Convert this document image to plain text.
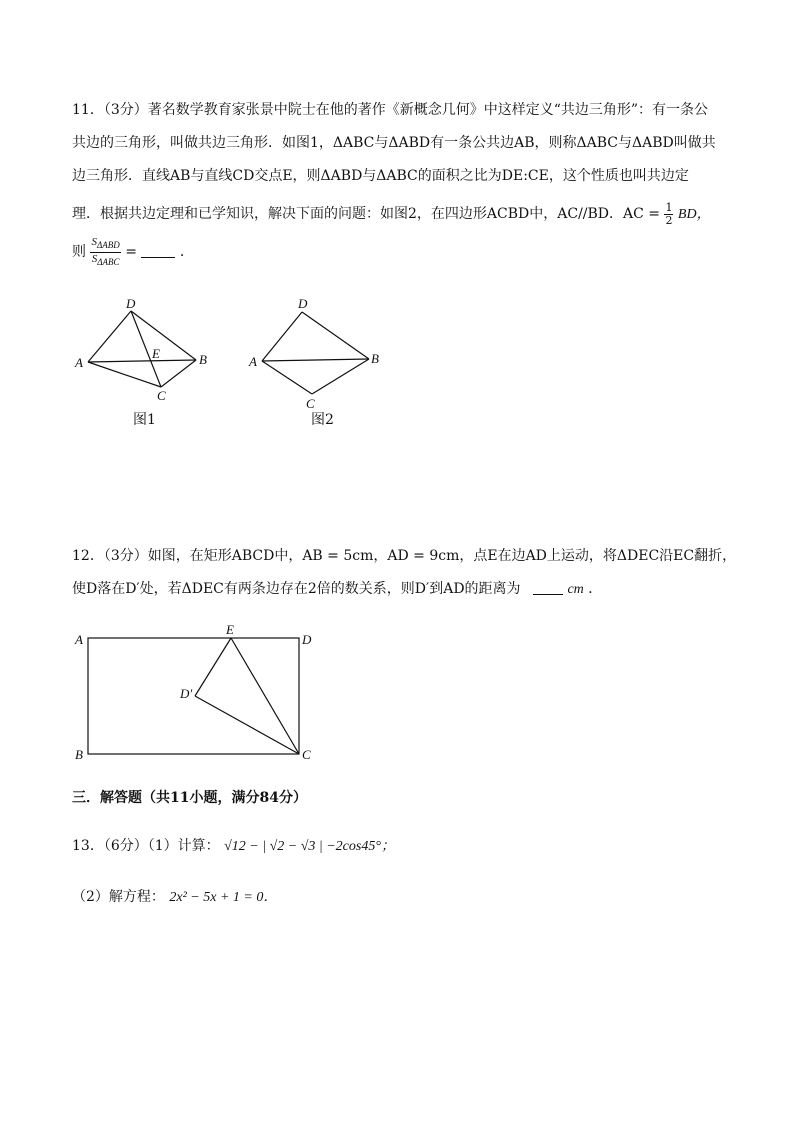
11．（3分）著名数学教育家张景中院士在他的著作《新概念几何》中这样定义“共边三角形”：有一条公
共边的三角形，叫做共边三角形．如图1，ΔABC与ΔABD有一条公共边AB，则称ΔABC与ΔABD叫做共
边三角形．直线AB与直线CD交点E，则ΔABD与ΔABC的面积之比为DE:CE，这个性质也叫共边定
理．根据共边定理和已学知识，解决下面的问题：如图2，在四边形ACBD中，AC//BD．AC = $\frac{1}{2}$ BD，
则 $\frac{S_{\Delta ABD}}{S_{\Delta ABC}}$ =	．
D
A
E	B
C
图1
D
A	B
C
图2
12．（3分）如图，在矩形ABCD中，AB = 5cm，AD = 9cm，点E在边AD上运动，将ΔDEC沿EC翻折，
使D落在D′处，若ΔDEC有两条边存在2倍的数关系，则D′到AD的距离为	cm ．
A
E
D
D′
B	C
三．解答题（共11小题，满分84分）
13．（6分）（1）计算： √12 − | √2 − √3 | −2cos45°；
（2）解方程： 2x² − 5x + 1 = 0．
